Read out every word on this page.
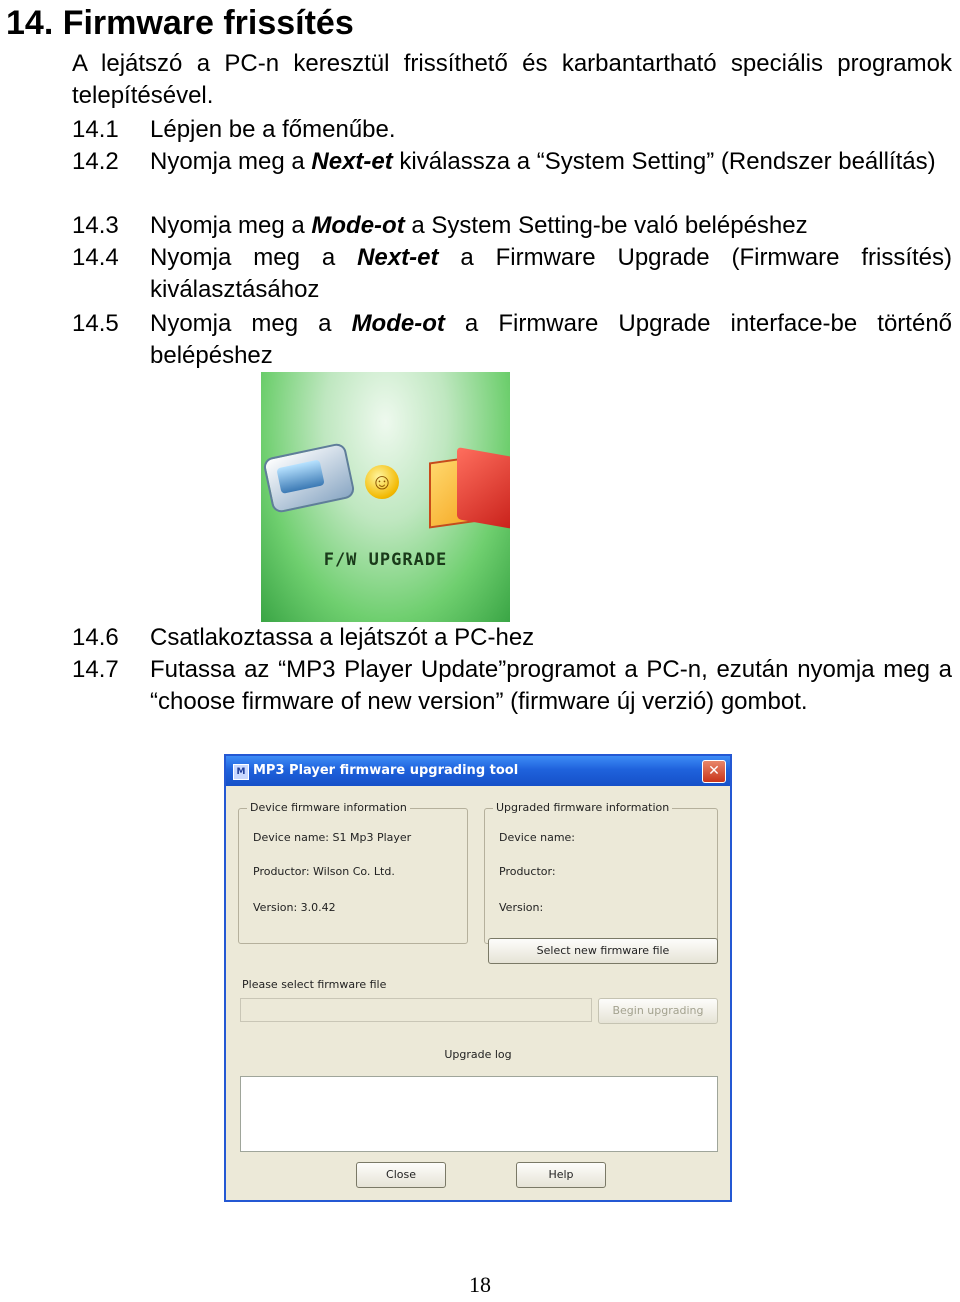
14. Firmware frissítés
A lejátszó a PC-n keresztül frissíthető és karbantartható speciális programok telepítésével.
14.1	Lépjen be a főmenűbe.
14.2	Nyomja meg a Next-et kiválassza a “System Setting” (Rendszer beállítás)
14.3	Nyomja meg a Mode-ot a System Setting-be való belépéshez
14.4	Nyomja meg a Next-et a Firmware Upgrade (Firmware frissítés) kiválasztásához
14.5	Nyomja meg a Mode-ot a Firmware Upgrade interface-be történő belépéshez
☺
F/W UPGRADE
14.6	Csatlakoztassa a lejátszót a PC-hez
14.7	Futassa az “MP3 Player Update”programot a PC-n, ezután nyomja meg a “choose firmware of new version” (firmware új verzió) gombot.
M MP3 Player firmware upgrading tool	✕
Device firmware information
Device name: S1 Mp3 Player
Productor: Wilson Co. Ltd.
Version: 3.0.42
Upgraded firmware information
Device name:
Productor:
Version:
Select new firmware file
Please select firmware file
Begin upgrading
Upgrade log
Close	Help
18
